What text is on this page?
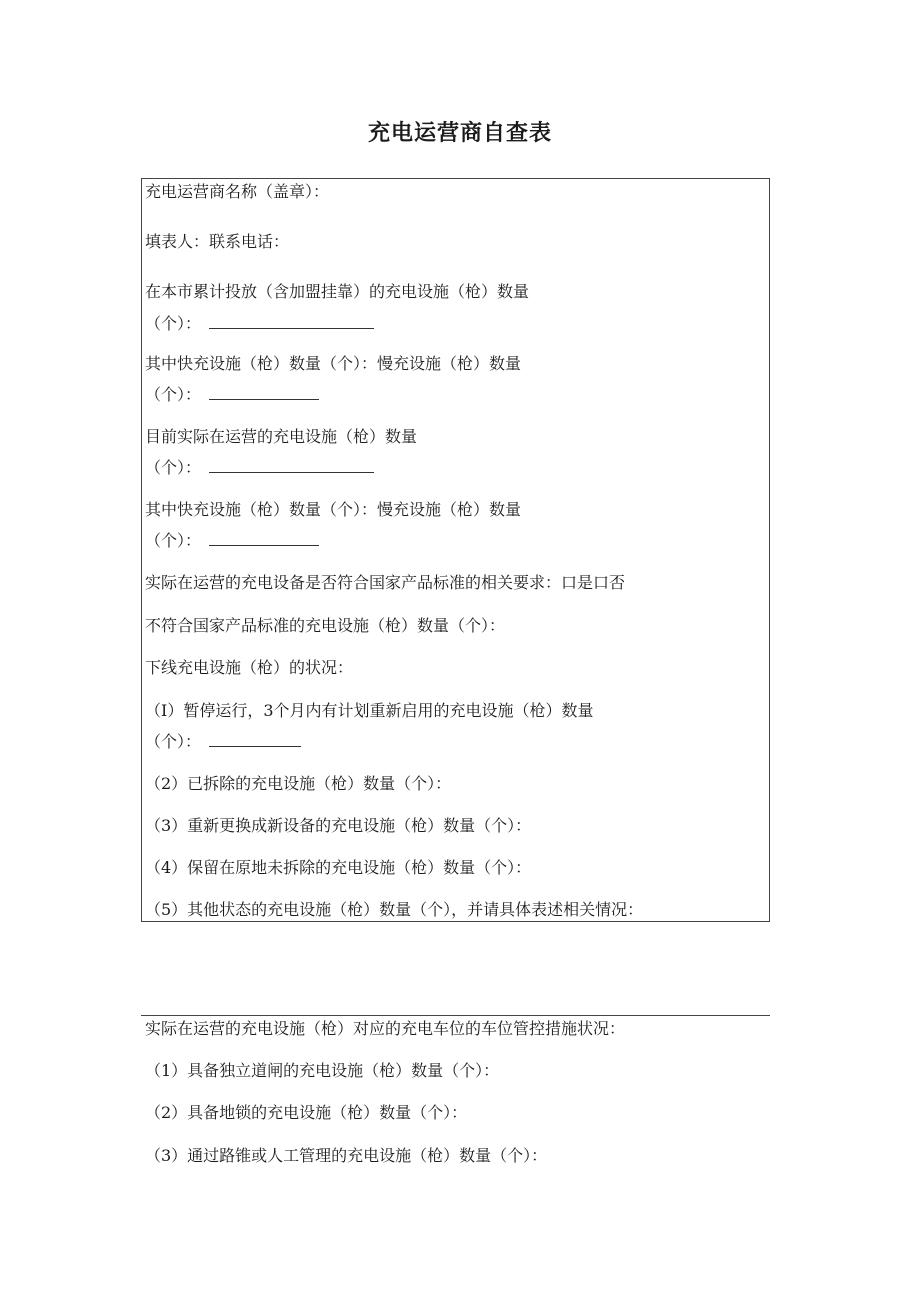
充电运营商自查表
充电运营商名称（盖章）：
填表人：联系电话：
在本市累计投放（含加盟挂靠）的充电设施（枪）数量
（个）：
其中快充设施（枪）数量（个）：慢充设施（枪）数量
（个）：
目前实际在运营的充电设施（枪）数量
（个）：
其中快充设施（枪）数量（个）：慢充设施（枪）数量
（个）：
实际在运营的充电设备是否符合国家产品标准的相关要求：口是口否
不符合国家产品标准的充电设施（枪）数量（个）：
下线充电设施（枪）的状况：
（I）暂停运行，3个月内有计划重新启用的充电设施（枪）数量
（个）：
（2）已拆除的充电设施（枪）数量（个）：
（3）重新更换成新设备的充电设施（枪）数量（个）：
（4）保留在原地未拆除的充电设施（枪）数量（个）：
（5）其他状态的充电设施（枪）数量（个），并请具体表述相关情况：
实际在运营的充电设施（枪）对应的充电车位的车位管控措施状况：
（1）具备独立道闸的充电设施（枪）数量（个）：
（2）具备地锁的充电设施（枪）数量（个）：
（3）通过路锥或人工管理的充电设施（枪）数量（个）：
